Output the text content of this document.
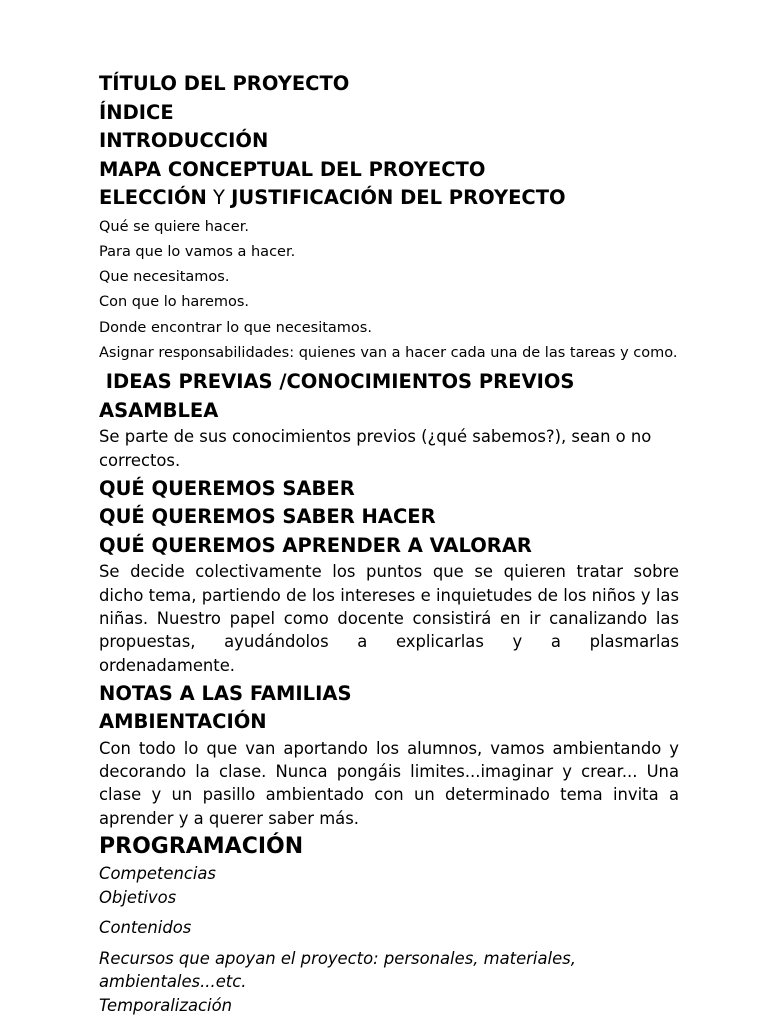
TÍTULO DEL PROYECTO

ÍNDICE

INTRODUCCIÓN

MAPA CONCEPTUAL DEL PROYECTO

ELECCIÓN Y JUSTIFICACIÓN DEL PROYECTO

Qué se quiere hacer.

Para que lo vamos a hacer.

Que necesitamos.

Con que lo haremos.

Donde encontrar lo que necesitamos.

Asignar responsabilidades: quienes van a hacer cada una de las tareas y como.

IDEAS PREVIAS /CONOCIMIENTOS PREVIOS

ASAMBLEA

Se parte de sus conocimientos previos (¿qué sabemos?), sean o no correctos.

QUÉ QUEREMOS SABER

QUÉ QUEREMOS SABER HACER

QUÉ QUEREMOS APRENDER A VALORAR

Se decide colectivamente los puntos que se quieren tratar sobre dicho tema, partiendo de los intereses e inquietudes de los niños y las niñas. Nuestro papel como docente consistirá en ir canalizando las propuestas, ayudándolos a explicarlas y a plasmarlas ordenadamente.

NOTAS A LAS FAMILIAS

AMBIENTACIÓN

Con todo lo que van aportando los alumnos, vamos ambientando y decorando la clase. Nunca pongáis limites...imaginar y crear... Una clase y un pasillo ambientado con un determinado tema invita a aprender y a querer saber más.

PROGRAMACIÓN

Competencias

Objetivos

Contenidos

Recursos que apoyan el proyecto: personales, materiales, ambientales...etc.

Temporalización
